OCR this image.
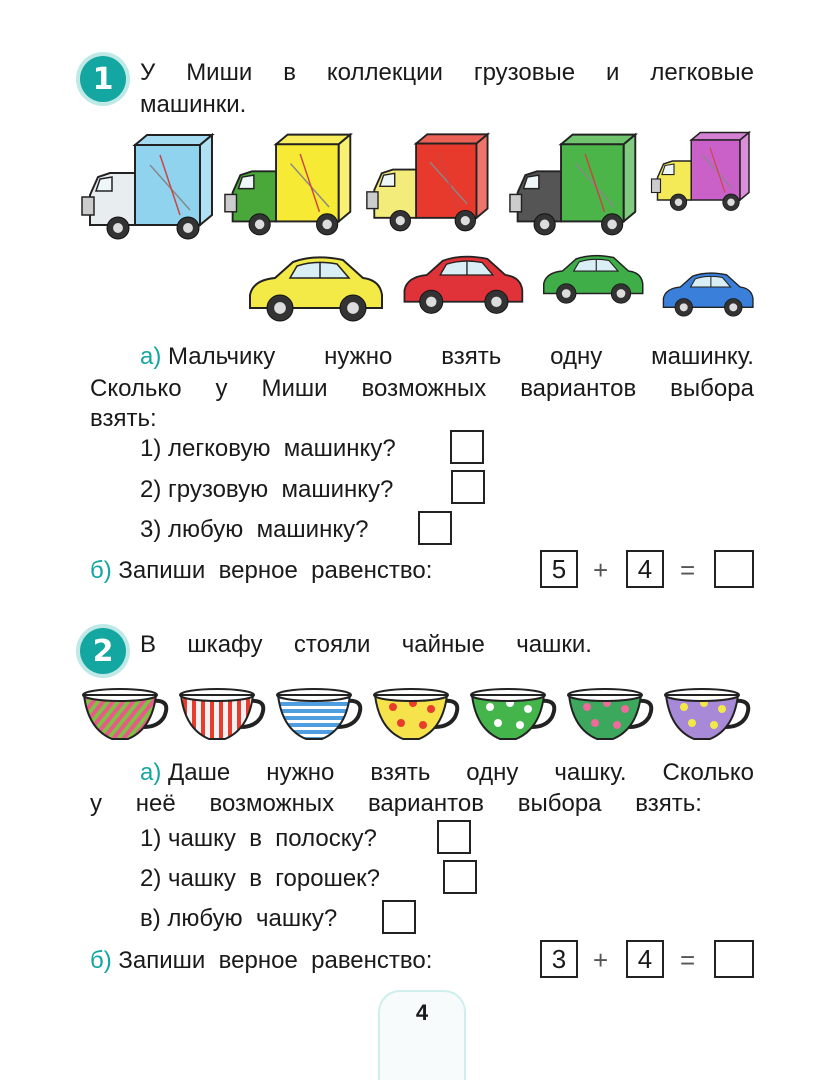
1 У Миши в коллекции грузовые и легковые
машинки.
а) Мальчику нужно взять одну машинку.
Сколько у Миши возможных вариантов выбора
взять:
1) легковую  машинку?
2) грузовую  машинку?
3) любую  машинку?
б) Запиши  верное  равенство:	5	+	4	=
2 В шкафу стояли чайные чашки.
а) Даше нужно взять одну чашку. Сколько
у неё возможных вариантов выбора взять:
1) чашку  в  полоску?
2) чашку  в  горошек?
в) любую  чашку?
б) Запиши  верное  равенство:	3	+	4	=
4
